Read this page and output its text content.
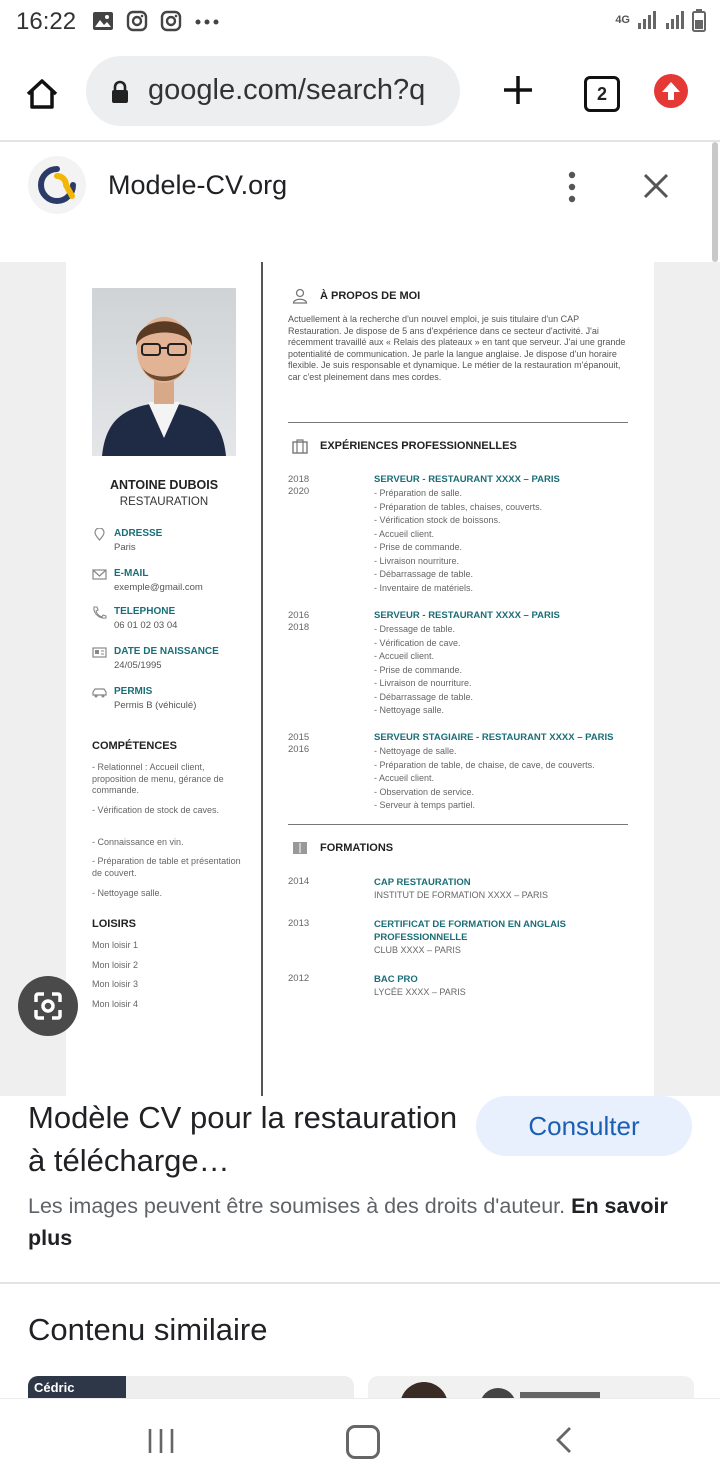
16:22	4G
google.com/search?q	2
Modele-CV.org
ANTOINE DUBOIS
RESTAURATION
ADRESSE
Paris
E-MAIL
exemple@gmail.com
TELEPHONE
06 01 02 03 04
DATE DE NAISSANCE
24/05/1995
PERMIS
Permis B (véhiculé)
COMPÉTENCES
- Relationnel : Accueil client, proposition de menu, gérance de commande.
- Vérification de stock de caves.
- Connaissance en vin.
- Préparation de table et présentation de couvert.
- Nettoyage salle.
LOISIRS
Mon loisir 1
Mon loisir 2
Mon loisir 3
Mon loisir 4
À PROPOS DE MOI
Actuellement à la recherche d'un nouvel emploi, je suis titulaire d'un CAP Restauration. Je dispose de 5 ans d'expérience dans ce secteur d'activité. J'ai récemment travaillé aux « Relais des plateaux » en tant que serveur. J'ai une grande potentialité de communication. Je parle la langue anglaise. Je dispose d'un horaire flexible. Je suis responsable et dynamique. Le métier de la restauration m'épanouit, car c'est pleinement dans mes cordes.
EXPÉRIENCES PROFESSIONNELLES
2018
2020
SERVEUR - RESTAURANT XXXX – PARIS
- Préparation de salle.
- Préparation de tables, chaises, couverts.
- Vérification stock de boissons.
- Accueil client.
- Prise de commande.
- Livraison nourriture.
- Débarrassage de table.
- Inventaire de matériels.
2016
2018
SERVEUR - RESTAURANT XXXX – PARIS
- Dressage de table.
- Vérification de cave.
- Accueil client.
- Prise de commande.
- Livraison de nourriture.
- Débarrassage de table.
- Nettoyage salle.
2015
2016
SERVEUR STAGIAIRE - RESTAURANT XXXX – PARIS
- Nettoyage de salle.
- Préparation de table, de chaise, de cave, de couverts.
- Accueil client.
- Observation de service.
- Serveur à temps partiel.
FORMATIONS
2014	CAP RESTAURATION
INSTITUT DE FORMATION XXXX – PARIS
2013	CERTIFICAT DE FORMATION EN ANGLAIS PROFESSIONNELLE
CLUB XXXX – PARIS
2012	BAC PRO
LYCÉE XXXX – PARIS
Modèle CV pour la restauration à télécharge…
Consulter
Les images peuvent être soumises à des droits d'auteur. En savoir plus
Contenu similaire
Cédric
